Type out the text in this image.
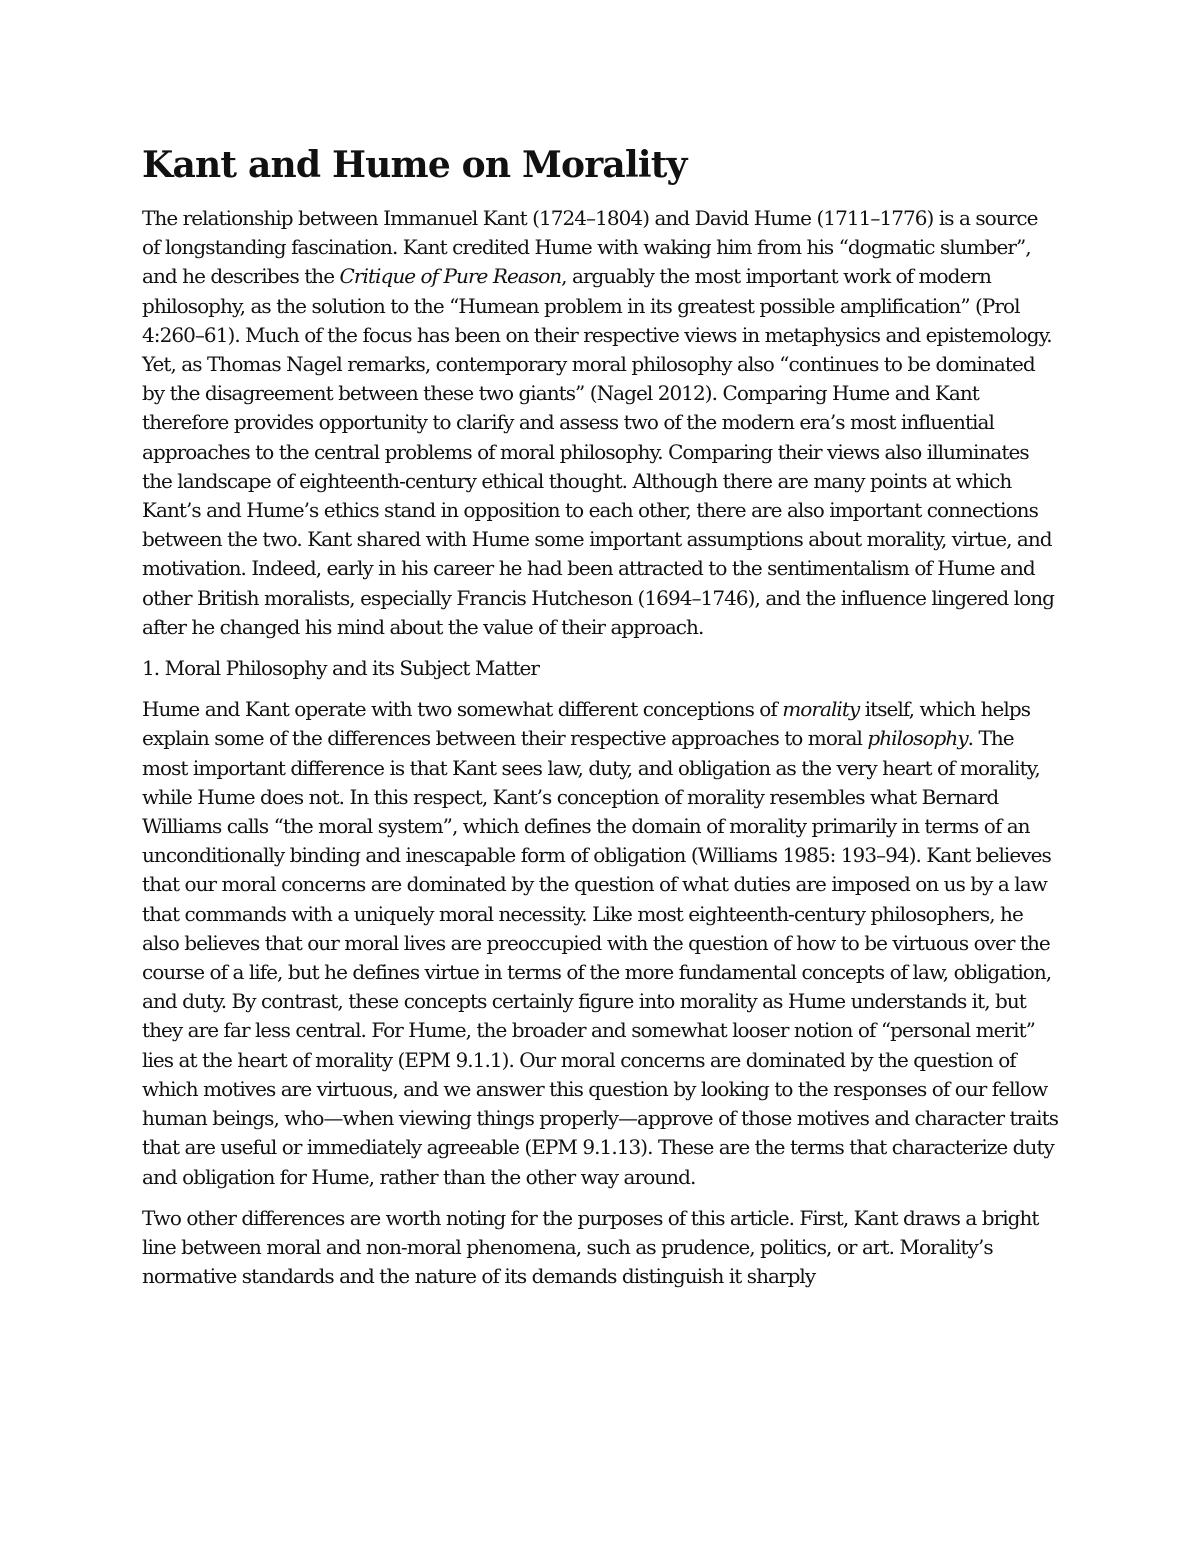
Kant and Hume on Morality

The relationship between Immanuel Kant (1724–1804) and David Hume (1711–1776) is a source of longstanding fascination. Kant credited Hume with waking him from his “dogmatic slumber”, and he describes the Critique of Pure Reason, arguably the most important work of modern philosophy, as the solution to the “Humean problem in its greatest possible amplification” (Prol 4:260–61). Much of the focus has been on their respective views in metaphysics and epistemology. Yet, as Thomas Nagel remarks, contemporary moral philosophy also “continues to be dominated by the disagreement between these two giants” (Nagel 2012). Comparing Hume and Kant therefore provides opportunity to clarify and assess two of the modern era’s most influential approaches to the central problems of moral philosophy. Comparing their views also illuminates the landscape of eighteenth-century ethical thought. Although there are many points at which Kant’s and Hume’s ethics stand in opposition to each other, there are also important connections between the two. Kant shared with Hume some important assumptions about morality, virtue, and motivation. Indeed, early in his career he had been attracted to the sentimentalism of Hume and other British moralists, especially Francis Hutcheson (1694–1746), and the influence lingered long after he changed his mind about the value of their approach.

1. Moral Philosophy and its Subject Matter

Hume and Kant operate with two somewhat different conceptions of morality itself, which helps explain some of the differences between their respective approaches to moral philosophy. The most important difference is that Kant sees law, duty, and obligation as the very heart of morality, while Hume does not. In this respect, Kant’s conception of morality resembles what Bernard Williams calls “the moral system”, which defines the domain of morality primarily in terms of an unconditionally binding and inescapable form of obligation (Williams 1985: 193–94). Kant believes that our moral concerns are dominated by the question of what duties are imposed on us by a law that commands with a uniquely moral necessity. Like most eighteenth-century philosophers, he also believes that our moral lives are preoccupied with the question of how to be virtuous over the course of a life, but he defines virtue in terms of the more fundamental concepts of law, obligation, and duty. By contrast, these concepts certainly figure into morality as Hume understands it, but they are far less central. For Hume, the broader and somewhat looser notion of “personal merit” lies at the heart of morality (EPM 9.1.1). Our moral concerns are dominated by the question of which motives are virtuous, and we answer this question by looking to the responses of our fellow human beings, who—when viewing things properly—approve of those motives and character traits that are useful or immediately agreeable (EPM 9.1.13). These are the terms that characterize duty and obligation for Hume, rather than the other way around.

Two other differences are worth noting for the purposes of this article. First, Kant draws a bright line between moral and non-moral phenomena, such as prudence, politics, or art. Morality’s normative standards and the nature of its demands distinguish it sharply
